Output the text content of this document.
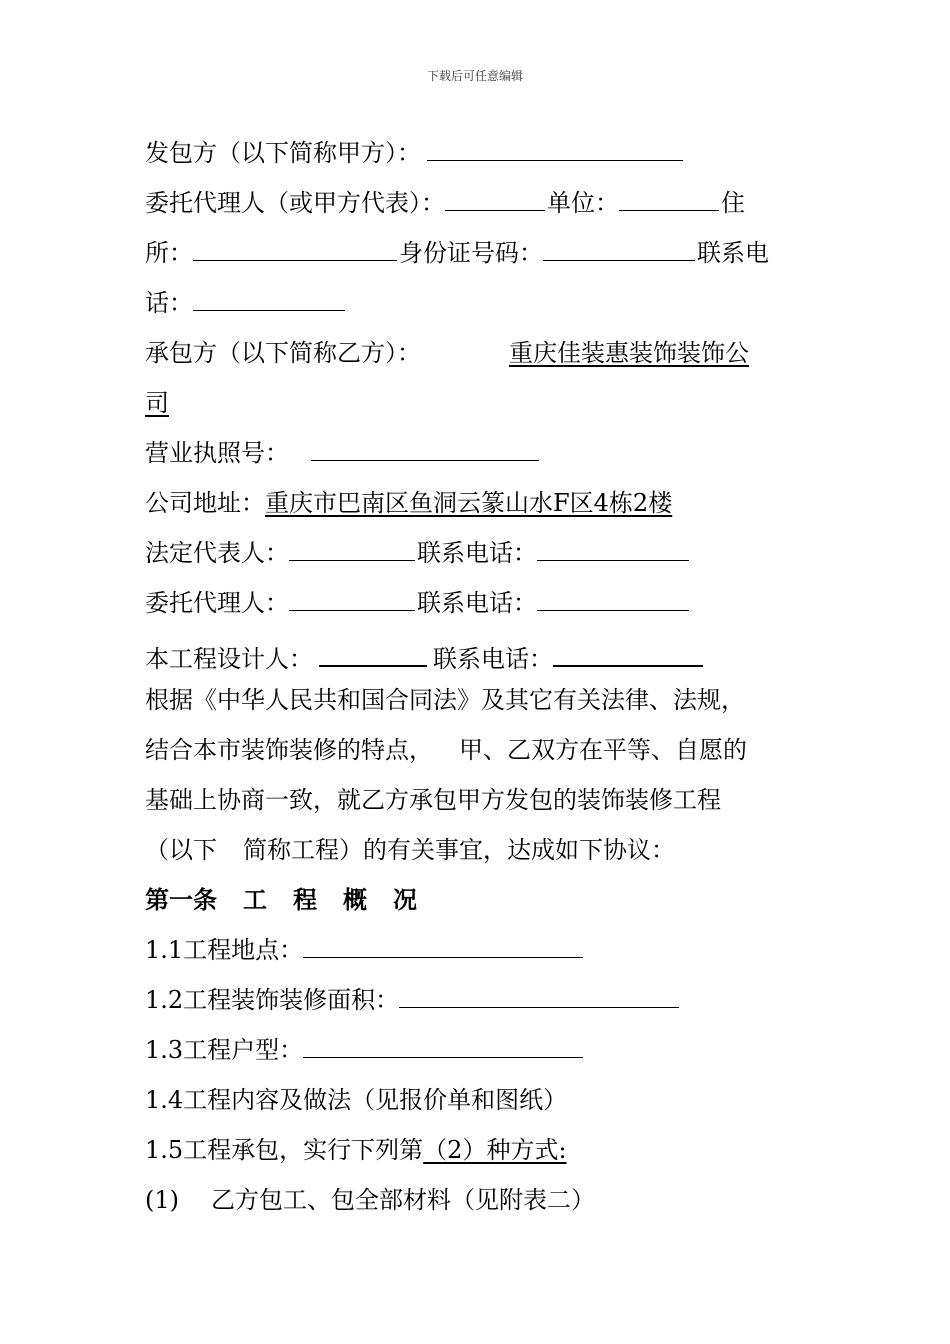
下载后可任意编辑
发包方（以下简称甲方）：
委托代理人（或甲方代表）：	单位：	住
所：	身份证号码：	联系电
话：
承包方（以下简称乙方）：	重庆佳装惠装饰装饰公
司
营业执照号：
公司地址：重庆市巴南区鱼洞云篆山水F区4栋2楼
法定代表人：	联系电话：
委托代理人：	联系电话：
本工程设计人：	联系电话：
根据《中华人民共和国合同法》及其它有关法律、法规，
结合本市装饰装修的特点， 甲、乙双方在平等、自愿的
基础上协商一致，就乙方承包甲方发包的装饰装修工程
（以下 简称工程）的有关事宜，达成如下协议：
第一条 工 程 概 况
1.1工程地点：
1.2工程装饰装修面积：
1.3工程户型：
1.4工程内容及做法（见报价单和图纸）
1.5工程承包，实行下列第（2）种方式:
(1) 乙方包工、包全部材料（见附表二）
